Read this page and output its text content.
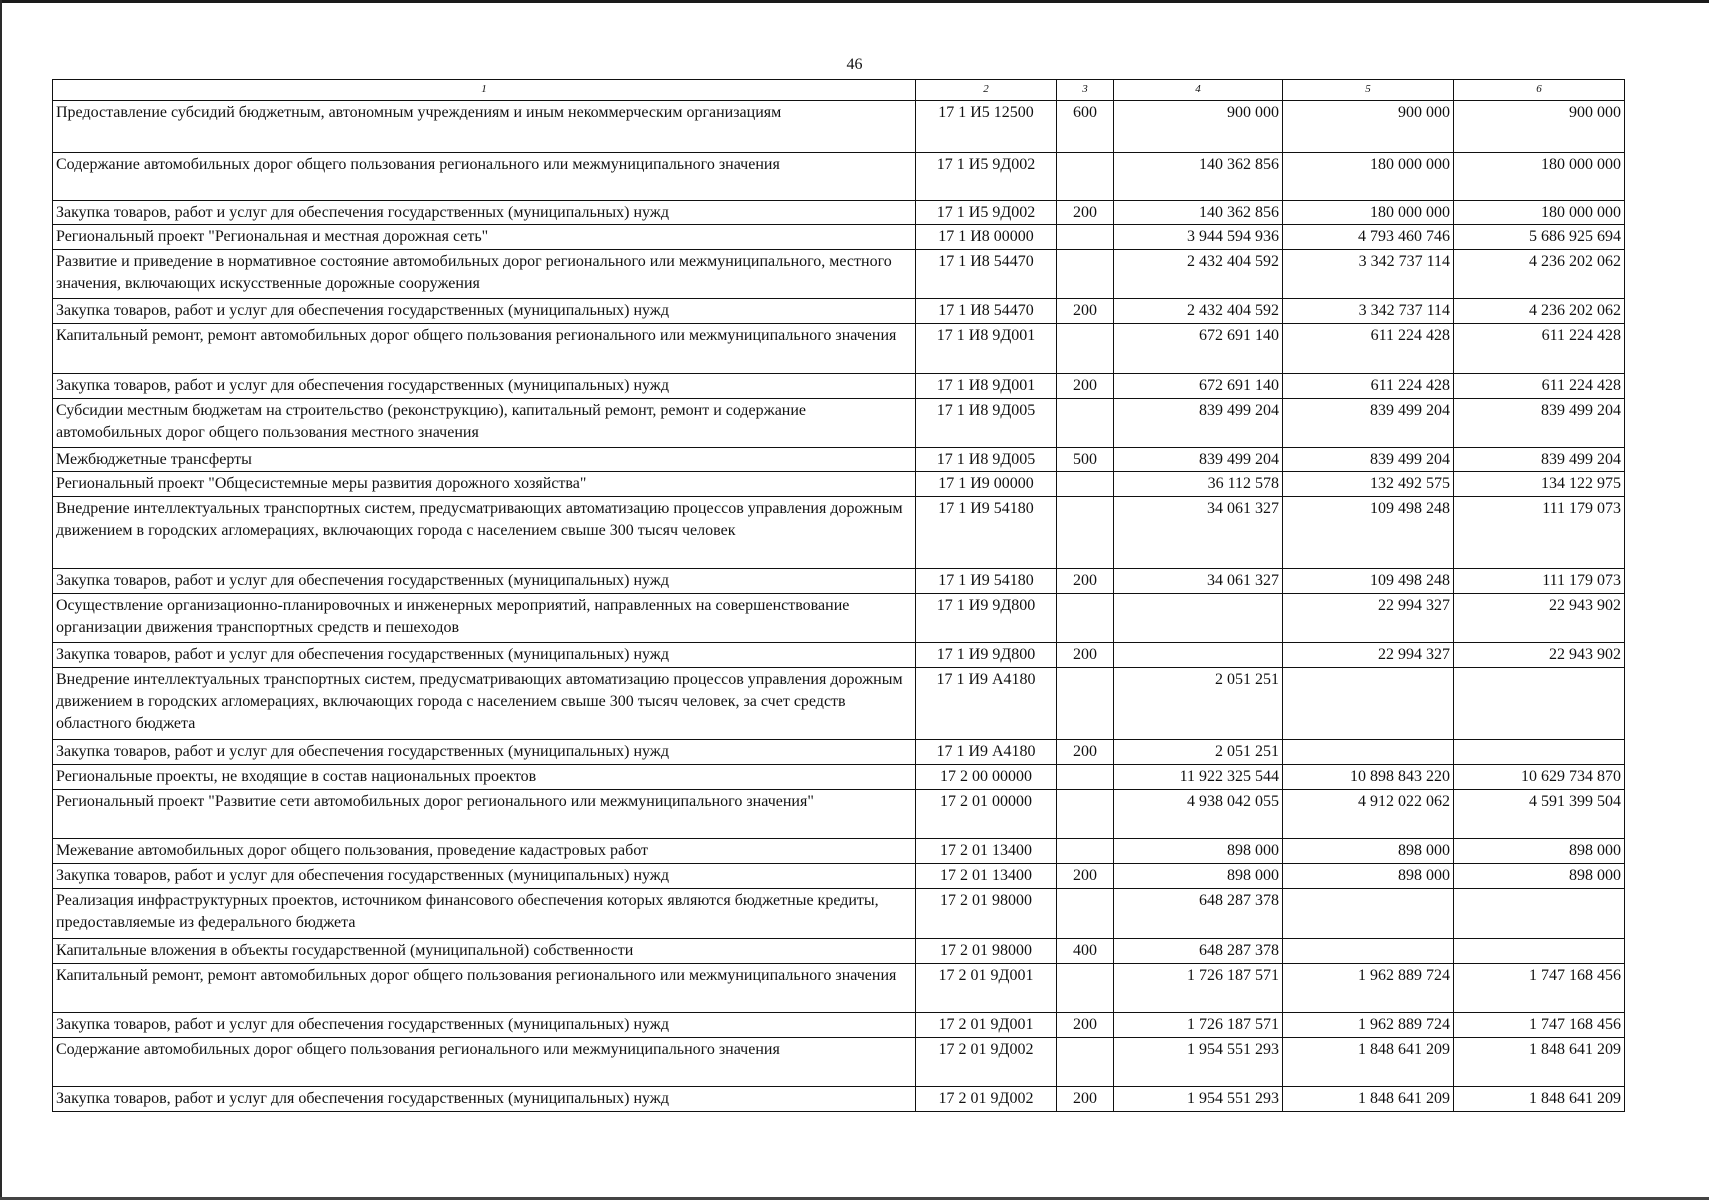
46
1	2	3	4	5	6
Предоставление субсидий бюджетным, автономным учреждениям и иным некоммерческим организациям	17 1 И5 12500	600	900 000	900 000	900 000
Содержание автомобильных дорог общего пользования регионального или межмуниципального значения	17 1 И5 9Д002		140 362 856	180 000 000	180 000 000
Закупка товаров, работ и услуг для обеспечения государственных (муниципальных) нужд	17 1 И5 9Д002	200	140 362 856	180 000 000	180 000 000
Региональный проект "Региональная и местная дорожная сеть"	17 1 И8 00000		3 944 594 936	4 793 460 746	5 686 925 694
Развитие и приведение в нормативное состояние автомобильных дорог регионального или межмуниципального, местного значения, включающих искусственные дорожные сооружения	17 1 И8 54470		2 432 404 592	3 342 737 114	4 236 202 062
Закупка товаров, работ и услуг для обеспечения государственных (муниципальных) нужд	17 1 И8 54470	200	2 432 404 592	3 342 737 114	4 236 202 062
Капитальный ремонт, ремонт автомобильных дорог общего пользования регионального или межмуниципального значения	17 1 И8 9Д001		672 691 140	611 224 428	611 224 428
Закупка товаров, работ и услуг для обеспечения государственных (муниципальных) нужд	17 1 И8 9Д001	200	672 691 140	611 224 428	611 224 428
Субсидии местным бюджетам на строительство (реконструкцию), капитальный ремонт, ремонт и содержание автомобильных дорог общего пользования местного значения	17 1 И8 9Д005		839 499 204	839 499 204	839 499 204
Межбюджетные трансферты	17 1 И8 9Д005	500	839 499 204	839 499 204	839 499 204
Региональный проект "Общесистемные меры развития дорожного хозяйства"	17 1 И9 00000		36 112 578	132 492 575	134 122 975
Внедрение интеллектуальных транспортных систем, предусматривающих автоматизацию процессов управления дорожным движением в городских агломерациях, включающих города с населением свыше 300 тысяч человек	17 1 И9 54180		34 061 327	109 498 248	111 179 073
Закупка товаров, работ и услуг для обеспечения государственных (муниципальных) нужд	17 1 И9 54180	200	34 061 327	109 498 248	111 179 073
Осуществление организационно-планировочных и инженерных мероприятий, направленных на совершенствование организации движения транспортных средств и пешеходов	17 1 И9 9Д800			22 994 327	22 943 902
Закупка товаров, работ и услуг для обеспечения государственных (муниципальных) нужд	17 1 И9 9Д800	200		22 994 327	22 943 902
Внедрение интеллектуальных транспортных систем, предусматривающих автоматизацию процессов управления дорожным движением в городских агломерациях, включающих города с населением свыше 300 тысяч человек, за счет средств областного бюджета	17 1 И9 А4180		2 051 251		
Закупка товаров, работ и услуг для обеспечения государственных (муниципальных) нужд	17 1 И9 А4180	200	2 051 251		
Региональные проекты, не входящие в состав национальных проектов	17 2 00 00000		11 922 325 544	10 898 843 220	10 629 734 870
Региональный проект "Развитие сети автомобильных дорог регионального или межмуниципального значения"	17 2 01 00000		4 938 042 055	4 912 022 062	4 591 399 504
Межевание автомобильных дорог общего пользования, проведение кадастровых работ	17 2 01 13400		898 000	898 000	898 000
Закупка товаров, работ и услуг для обеспечения государственных (муниципальных) нужд	17 2 01 13400	200	898 000	898 000	898 000
Реализация инфраструктурных проектов, источником финансового обеспечения которых являются бюджетные кредиты, предоставляемые из федерального бюджета	17 2 01 98000		648 287 378		
Капитальные вложения в объекты государственной (муниципальной) собственности	17 2 01 98000	400	648 287 378		
Капитальный ремонт, ремонт автомобильных дорог общего пользования регионального или межмуниципального значения	17 2 01 9Д001		1 726 187 571	1 962 889 724	1 747 168 456
Закупка товаров, работ и услуг для обеспечения государственных (муниципальных) нужд	17 2 01 9Д001	200	1 726 187 571	1 962 889 724	1 747 168 456
Содержание автомобильных дорог общего пользования регионального или межмуниципального значения	17 2 01 9Д002		1 954 551 293	1 848 641 209	1 848 641 209
Закупка товаров, работ и услуг для обеспечения государственных (муниципальных) нужд	17 2 01 9Д002	200	1 954 551 293	1 848 641 209	1 848 641 209
